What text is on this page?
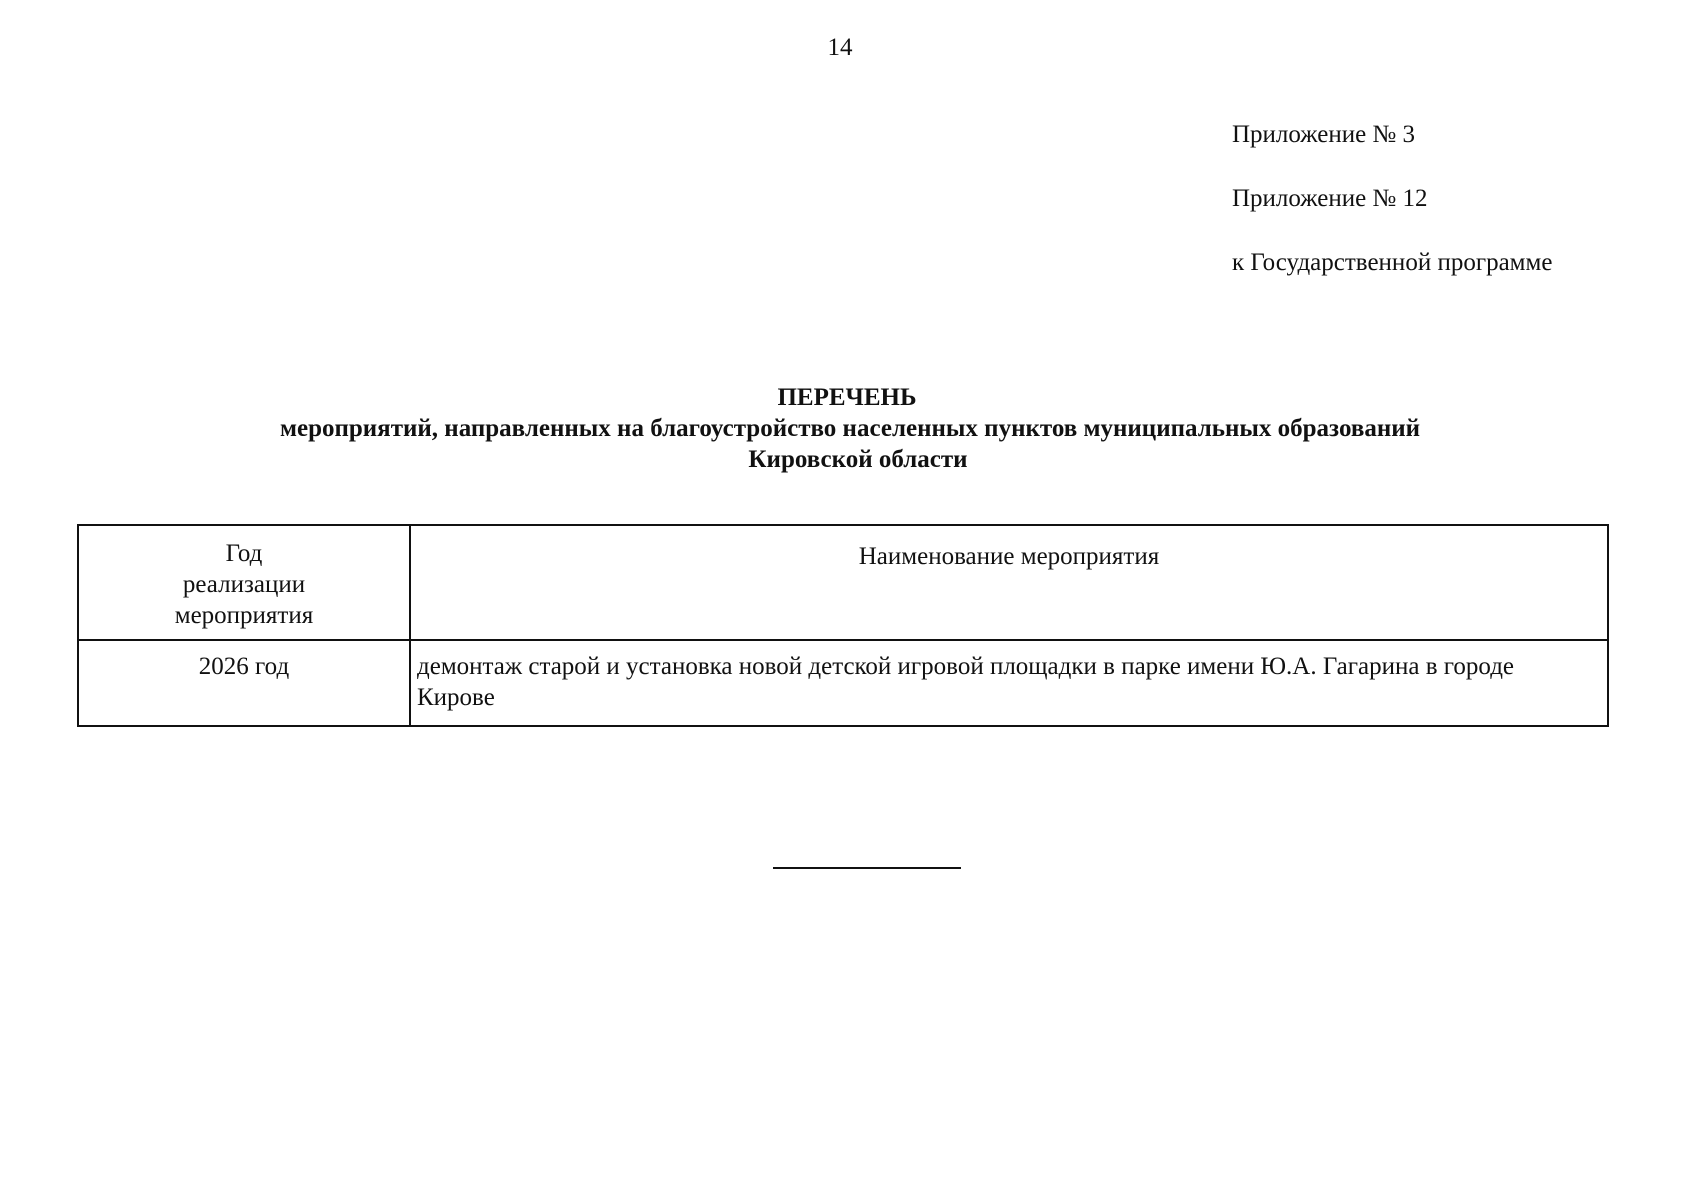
14
Приложение № 3
Приложение № 12
к Государственной программе
ПЕРЕЧЕНЬ
мероприятий, направленных на благоустройство населенных пунктов муниципальных образований
Кировской области
Год
реализации
мероприятия	Наименование мероприятия
2026 год	демонтаж старой и установка новой детской игровой площадки в парке имени Ю.А. Гагарина в городе Кирове
